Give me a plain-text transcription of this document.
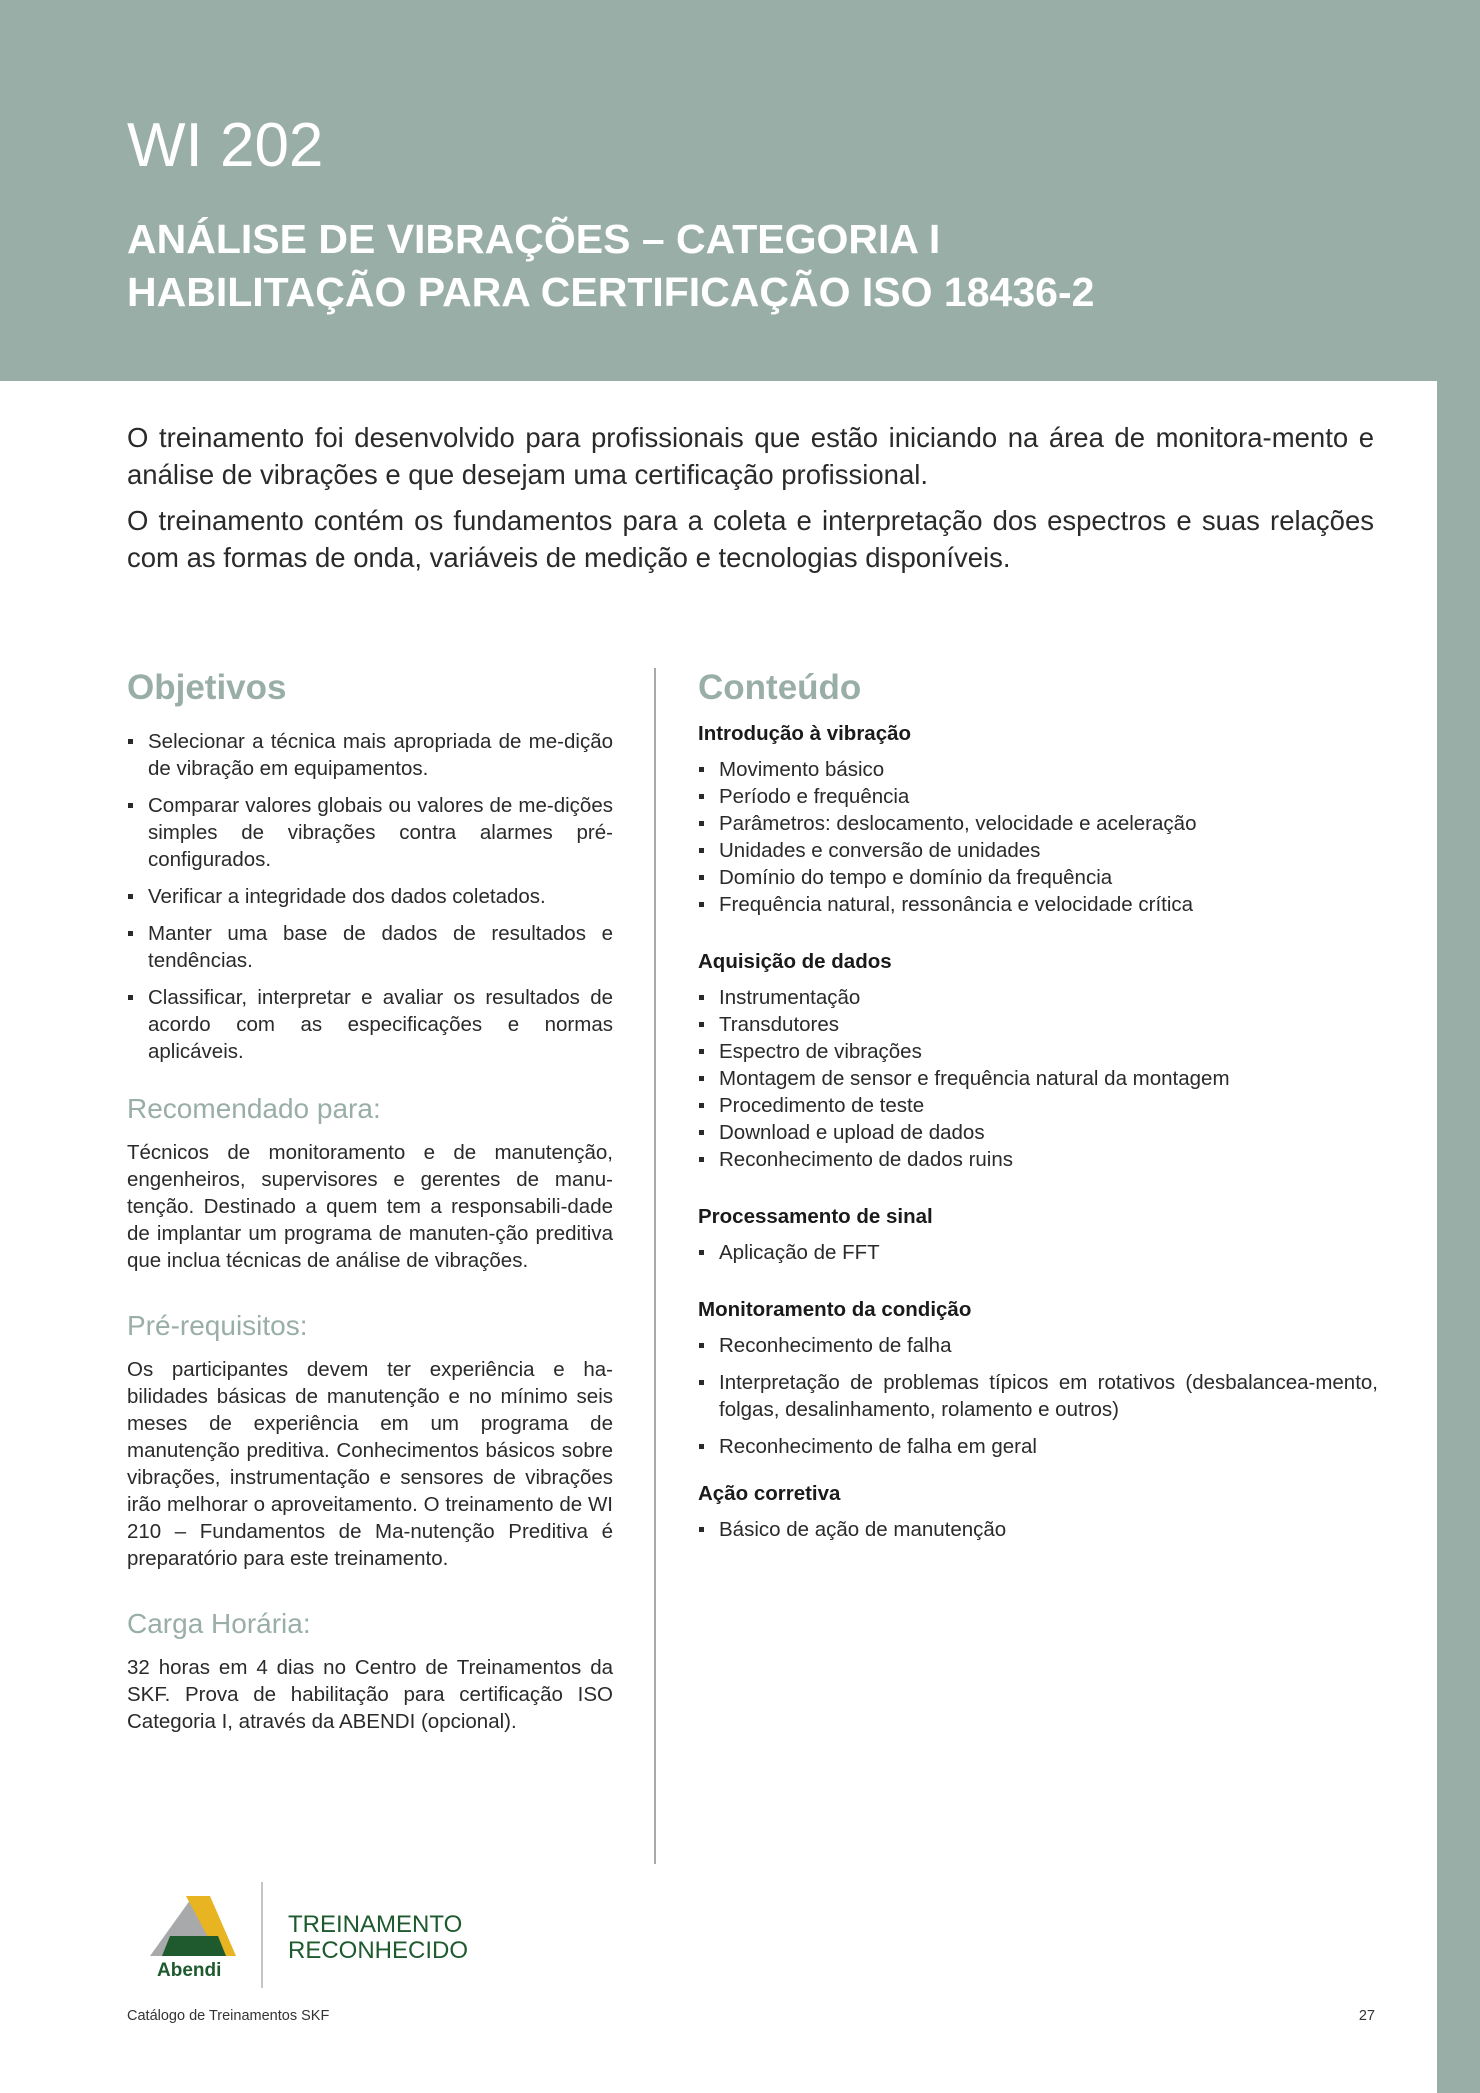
WI 202
ANÁLISE DE VIBRAÇÕES – CATEGORIA I
HABILITAÇÃO PARA CERTIFICAÇÃO ISO 18436-2

O treinamento foi desenvolvido para profissionais que estão iniciando na área de monitora-mento e análise de vibrações e que desejam uma certificação profissional.

O treinamento contém os fundamentos para a coleta e interpretação dos espectros e suas relações com as formas de onda, variáveis de medição e tecnologias disponíveis.

Objetivos
Selecionar a técnica mais apropriada de me-dição de vibração em equipamentos.
Comparar valores globais ou valores de me-dições simples de vibrações contra alarmes pré-configurados.
Verificar a integridade dos dados coletados.
Manter uma base de dados de resultados e tendências.
Classificar, interpretar e avaliar os resultados de acordo com as especificações e normas aplicáveis.
Recomendado para:

Técnicos de monitoramento e de manutenção, engenheiros, supervisores e gerentes de manu-tenção. Destinado a quem tem a responsabili-dade de implantar um programa de manuten-ção preditiva que inclua técnicas de análise de vibrações.

Pré-requisitos:

Os participantes devem ter experiência e ha-bilidades básicas de manutenção e no mínimo seis meses de experiência em um programa de manutenção preditiva. Conhecimentos básicos sobre vibrações, instrumentação e sensores de vibrações irão melhorar o aproveitamento. O treinamento de WI 210 – Fundamentos de Ma-nutenção Preditiva é preparatório para este treinamento.

Carga Horária:

32 horas em 4 dias no Centro de Treinamentos da SKF. Prova de habilitação para certificação ISO Categoria I, através da ABENDI (opcional).

Conteúdo
Introdução à vibração
Movimento básico
Período e frequência
Parâmetros: deslocamento, velocidade e aceleração
Unidades e conversão de unidades
Domínio do tempo e domínio da frequência
Frequência natural, ressonância e velocidade crítica
Aquisição de dados
Instrumentação
Transdutores
Espectro de vibrações
Montagem de sensor e frequência natural da montagem
Procedimento de teste
Download e upload de dados
Reconhecimento de dados ruins
Processamento de sinal
Aplicação de FFT
Monitoramento da condição
Reconhecimento de falha
Interpretação de problemas típicos em rotativos (desbalancea-mento, folgas, desalinhamento, rolamento e outros)
Reconhecimento de falha em geral
Ação corretiva
Básico de ação de manutenção
Abendi
TREINAMENTO
RECONHECIDO
Catálogo de Treinamentos SKF	27
